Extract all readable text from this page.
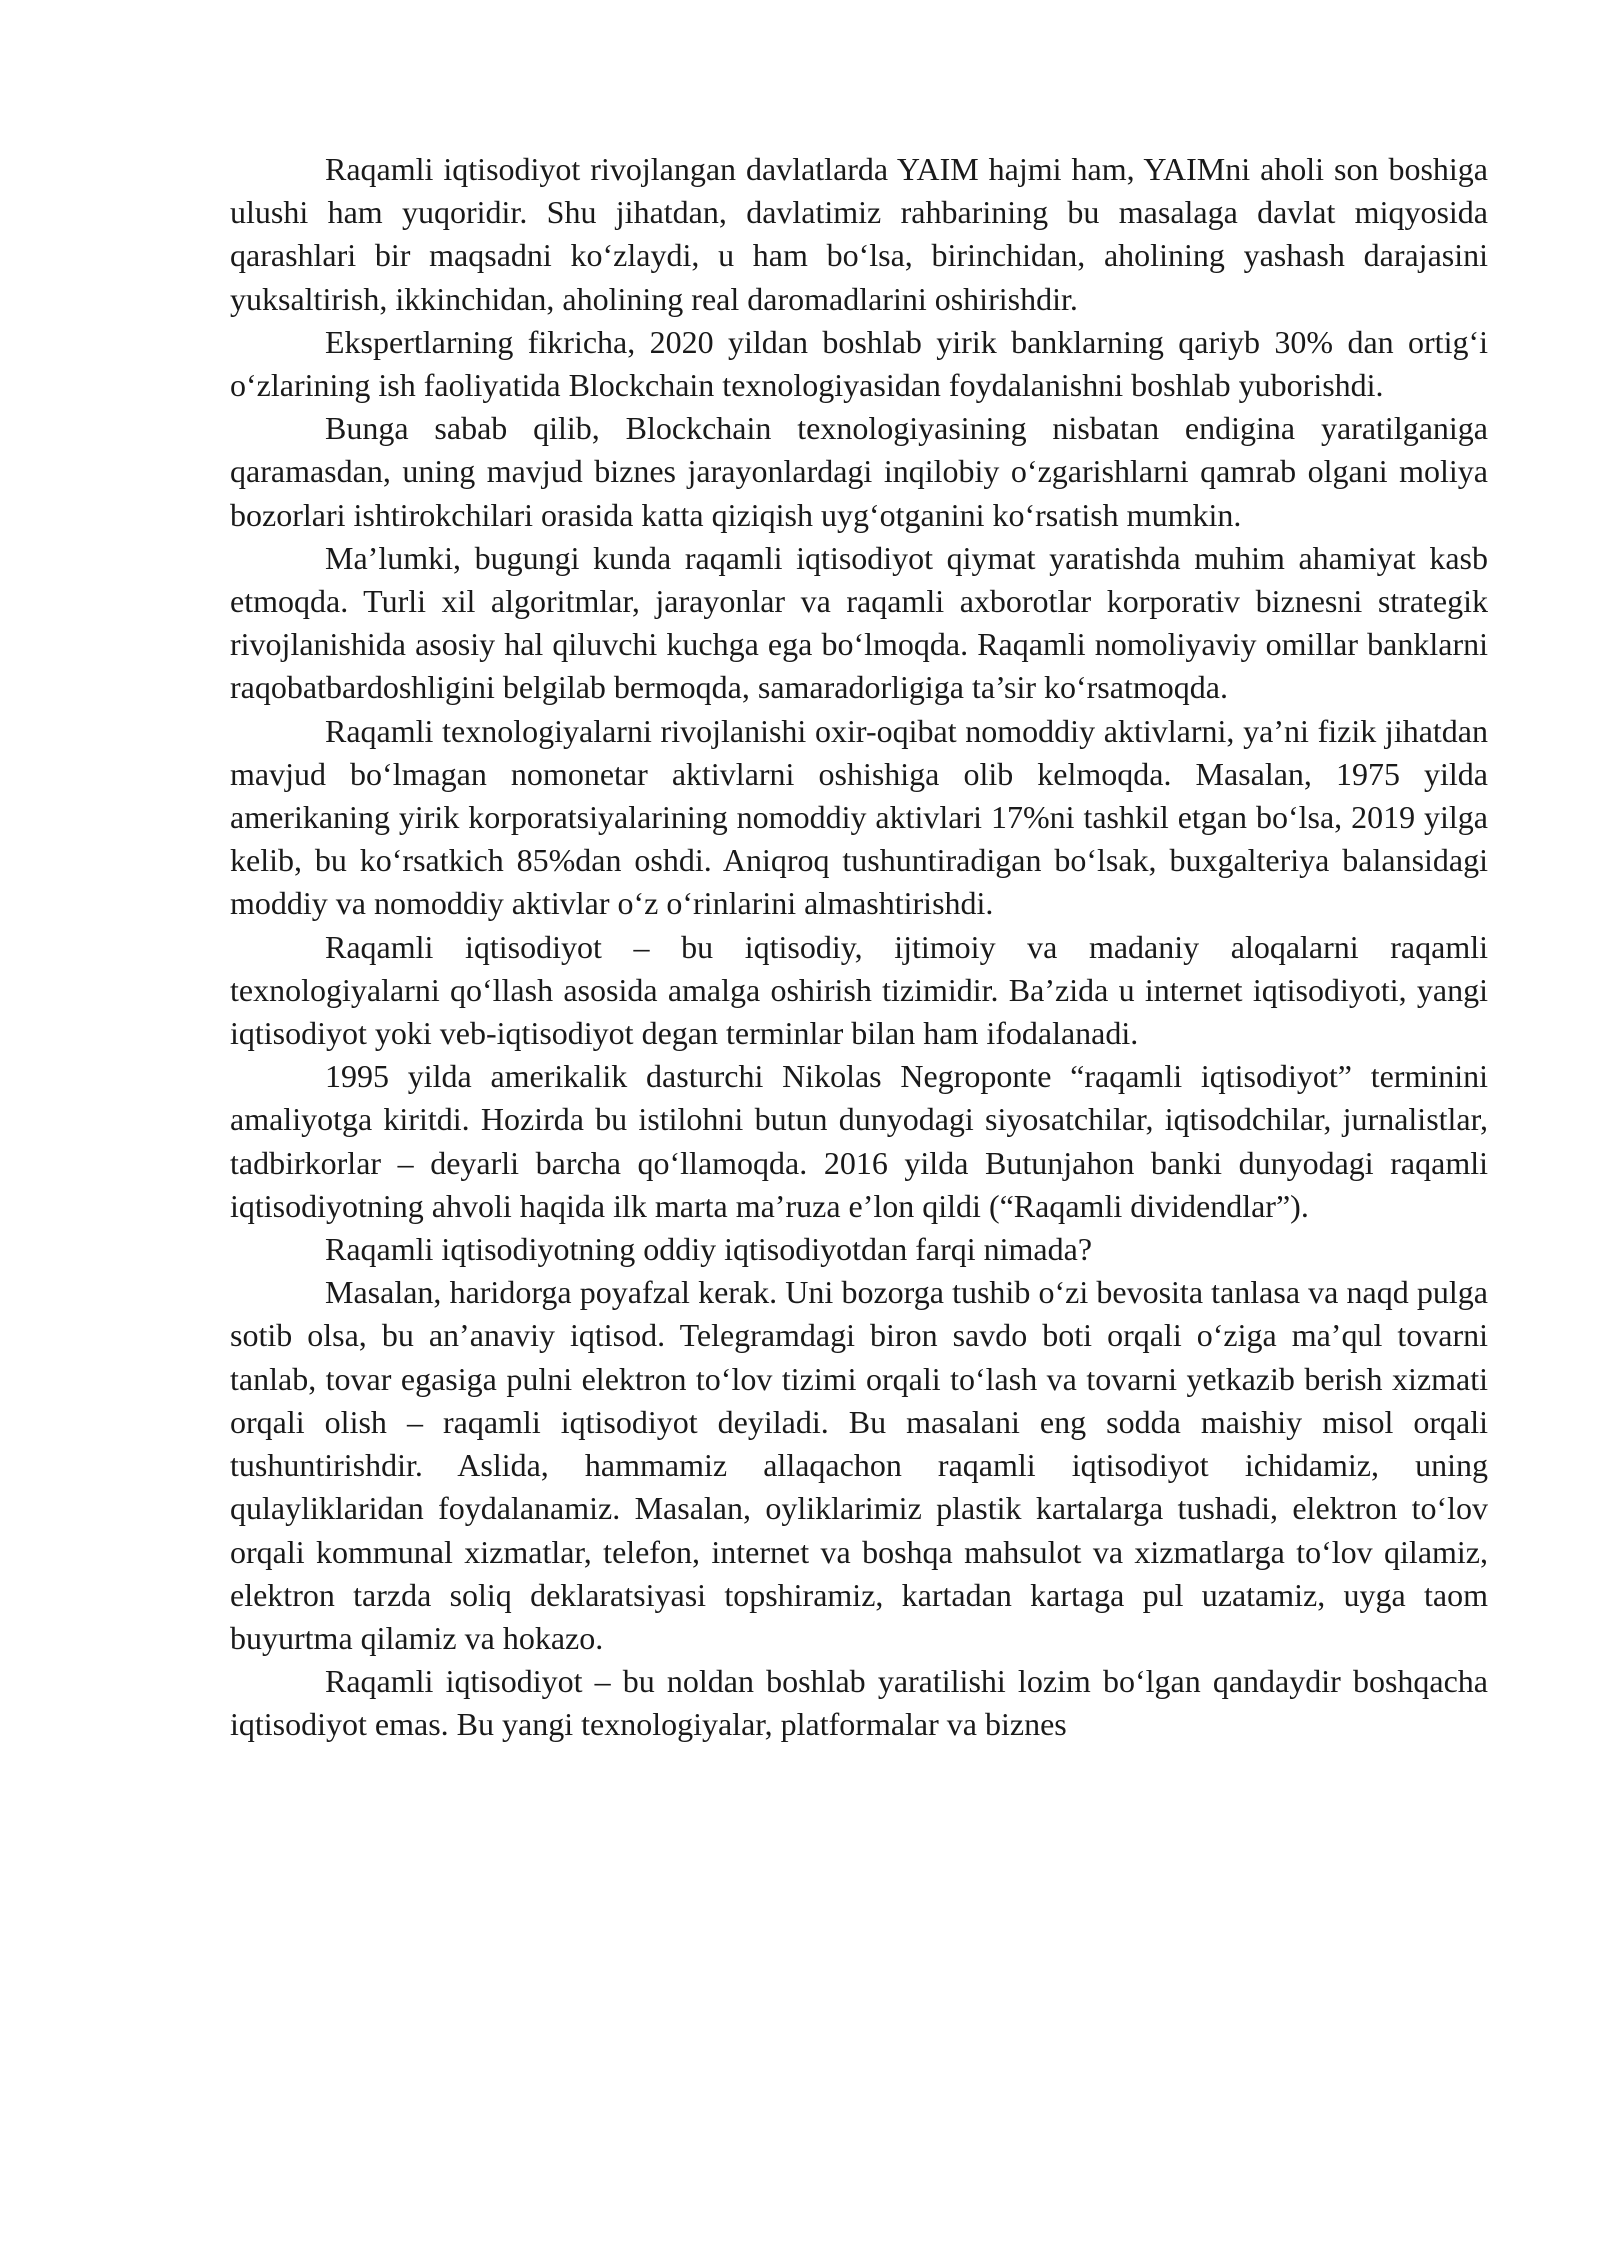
Raqamli iqtisodiyot rivojlangan davlatlarda YAIM hajmi ham, YAIMni aholi son boshiga ulushi ham yuqoridir. Shu jihatdan, davlatimiz rahbarining bu masalaga davlat miqyosida qarashlari bir maqsadni koʻzlaydi, u ham boʻlsa, birinchidan, aholining yashash darajasini yuksaltirish, ikkinchidan, aholining real daromadlarini oshirishdir.

Ekspertlarning fikricha, 2020 yildan boshlab yirik banklarning qariyb 30% dan ortigʻi oʻzlarining ish faoliyatida Blockchain texnologiyasidan foydalanishni boshlab yuborishdi.

Bunga sabab qilib, Blockchain texnologiyasining nisbatan endigina yaratilganiga qaramasdan, uning mavjud biznes jarayonlardagi inqilobiy oʻzgarishlarni qamrab olgani moliya bozorlari ishtirokchilari orasida katta qiziqish uygʻotganini koʻrsatish mumkin.

Ma’lumki, bugungi kunda raqamli iqtisodiyot qiymat yaratishda muhim ahamiyat kasb etmoqda. Turli xil algoritmlar, jarayonlar va raqamli axborotlar korporativ biznesni strategik rivojlanishida asosiy hal qiluvchi kuchga ega boʻlmoqda. Raqamli nomoliyaviy omillar banklarni raqobatbardoshligini belgilab bermoqda, samaradorligiga ta’sir koʻrsatmoqda.

Raqamli texnologiyalarni rivojlanishi oxir-oqibat nomoddiy aktivlarni, ya’ni fizik jihatdan mavjud boʻlmagan nomonetar aktivlarni oshishiga olib kelmoqda. Masalan, 1975 yilda amerikaning yirik korporatsiyalarining nomoddiy aktivlari 17%ni tashkil etgan boʻlsa, 2019 yilga kelib, bu koʻrsatkich 85%dan oshdi. Aniqroq tushuntiradigan boʻlsak, buxgalteriya balansidagi moddiy va nomoddiy aktivlar oʻz oʻrinlarini almashtirishdi.

Raqamli iqtisodiyot – bu iqtisodiy, ijtimoiy va madaniy aloqalarni raqamli texnologiyalarni qoʻllash asosida amalga oshirish tizimidir. Ba’zida u internet iqtisodiyoti, yangi iqtisodiyot yoki veb-iqtisodiyot degan terminlar bilan ham ifodalanadi.

1995 yilda amerikalik dasturchi Nikolas Negroponte “raqamli iqtisodiyot” terminini amaliyotga kiritdi. Hozirda bu istilohni butun dunyodagi siyosatchilar, iqtisodchilar, jurnalistlar, tadbirkorlar – deyarli barcha qoʻllamoqda. 2016 yilda Butunjahon banki dunyodagi raqamli iqtisodiyotning ahvoli haqida ilk marta ma’ruza e’lon qildi (“Raqamli dividendlar”).

Raqamli iqtisodiyotning oddiy iqtisodiyotdan farqi nimada?

Masalan, haridorga poyafzal kerak. Uni bozorga tushib oʻzi bevosita tanlasa va naqd pulga sotib olsa, bu an’anaviy iqtisod. Telegramdagi biron savdo boti orqali oʻziga ma’qul tovarni tanlab, tovar egasiga pulni elektron toʻlov tizimi orqali toʻlash va tovarni yetkazib berish xizmati orqali olish – raqamli iqtisodiyot deyiladi. Bu masalani eng sodda maishiy misol orqali tushuntirishdir. Aslida, hammamiz allaqachon raqamli iqtisodiyot ichidamiz, uning qulayliklaridan foydalanamiz. Masalan, oyliklarimiz plastik kartalarga tushadi, elektron toʻlov orqali kommunal xizmatlar, telefon, internet va boshqa mahsulot va xizmatlarga toʻlov qilamiz, elektron tarzda soliq deklaratsiyasi topshiramiz, kartadan kartaga pul uzatamiz, uyga taom buyurtma qilamiz va hokazo.

Raqamli iqtisodiyot – bu noldan boshlab yaratilishi lozim boʻlgan qandaydir boshqacha iqtisodiyot emas. Bu yangi texnologiyalar, platformalar va biznes
